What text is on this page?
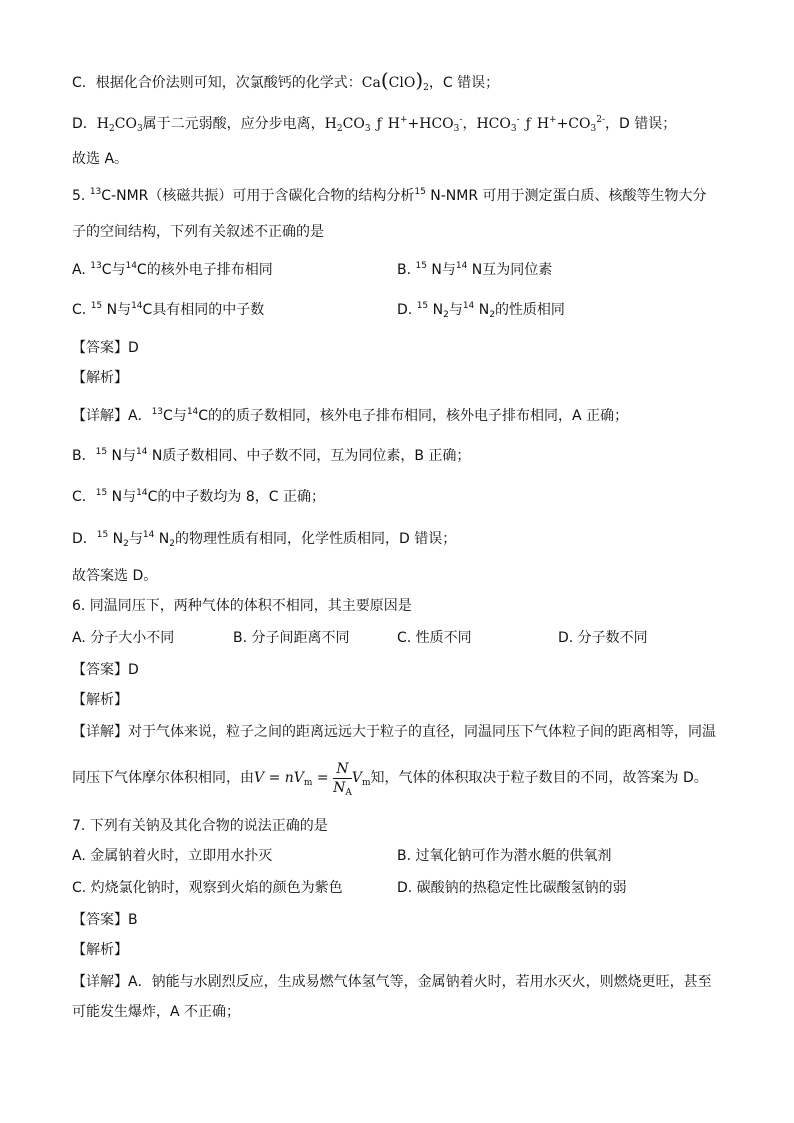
C．根据化合价法则可知，次氯酸钙的化学式：$Ca(ClO)_2$，C 错误；
D．$H_2CO_3$属于二元弱酸，应分步电离，$H_2CO_3$ ƒ $H^++HCO_3^-$，$HCO_3^-$ ƒ $H^++CO_3^{2-}$，D 错误；
故选 A。
5. $^{13}$C-NMR（核磁共振）可用于含碳化合物的结构分析$^{15}$ N-NMR 可用于测定蛋白质、核酸等生物大分
子的空间结构，下列有关叙述不正确的是
A. $^{13}$C与$^{14}$C的核外电子排布相同	B. $^{15}$ N与$^{14}$ N互为同位素
C. $^{15}$ N与$^{14}$C具有相同的中子数	D. $^{15}$ $N_2$与$^{14}$ $N_2$的性质相同
【答案】D
【解析】
【详解】A．$^{13}$C与$^{14}$C的的质子数相同，核外电子排布相同，核外电子排布相同，A 正确；
B．$^{15}$ N与$^{14}$ N质子数相同、中子数不同，互为同位素，B 正确；
C．$^{15}$ N与$^{14}$C的中子数均为 8，C 正确；
D．$^{15}$ $N_2$与$^{14}$ $N_2$的物理性质有相同，化学性质相同，D 错误；
故答案选 D。
6. 同温同压下，两种气体的体积不相同，其主要原因是
A. 分子大小不同	B. 分子间距离不同	C. 性质不同	D. 分子数不同
【答案】D
【解析】
【详解】对于气体来说，粒子之间的距离远远大于粒子的直径，同温同压下气体粒子间的距离相等，同温
同压下气体摩尔体积相同，由$V = nV_m = \frac{N}{N_A} V_m$知，气体的体积取决于粒子数目的不同，故答案为 D。
7. 下列有关钠及其化合物的说法正确的是
A. 金属钠着火时，立即用水扑灭	B. 过氧化钠可作为潜水艇的供氧剂
C. 灼烧氯化钠时，观察到火焰的颜色为紫色	D. 碳酸钠的热稳定性比碳酸氢钠的弱
【答案】B
【解析】
【详解】A．钠能与水剧烈反应，生成易燃气体氢气等，金属钠着火时，若用水灭火，则燃烧更旺，甚至
可能发生爆炸，A 不正确；
